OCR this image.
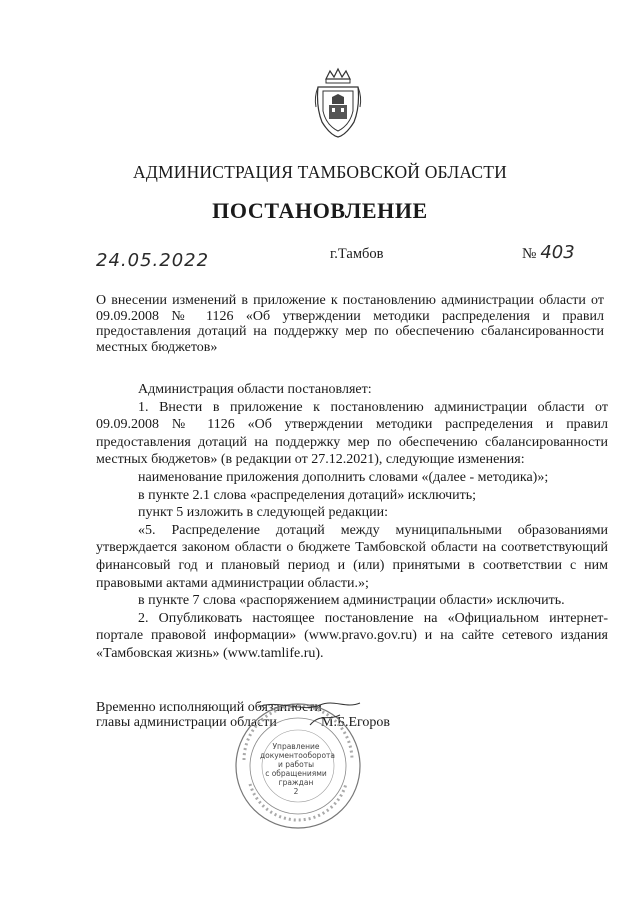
АДМИНИСТРАЦИЯ ТАМБОВСКОЙ ОБЛАСТИ
ПОСТАНОВЛЕНИЕ
24.05.2022	г.Тамбов	№ 403
О внесении изменений в приложение к постановлению администрации области от 09.09.2008 № 1126 «Об утверждении методики распределения и правил предоставления дотаций на поддержку мер по обеспечению сбалансированности местных бюджетов»

Администрация области постановляет:

1. Внести в приложение к постановлению администрации области от 09.09.2008 № 1126 «Об утверждении методики распределения и правил предоставления дотаций на поддержку мер по обеспечению сбалансированности местных бюджетов» (в редакции от 27.12.2021), следующие изменения:

наименование приложения дополнить словами «(далее - методика)»;

в пункте 2.1 слова «распределения дотаций» исключить;

пункт 5 изложить в следующей редакции:

«5. Распределение дотаций между муниципальными образованиями утверждается законом области о бюджете Тамбовской области на соответствующий финансовый год и плановый период и (или) принятыми в соответствии с ним правовыми актами администрации области.»;

в пункте 7 слова «распоряжением администрации области» исключить.

2. Опубликовать настоящее постановление на «Официальном интернет-портале правовой информации» (www.pravo.gov.ru) и на сайте сетевого издания «Тамбовская жизнь» (www.tamlife.ru).

Временно исполняющий обязанности
главы администрации области	М.Б.Егоров
Управление
документооборота
и работы
с обращениями
граждан
2
